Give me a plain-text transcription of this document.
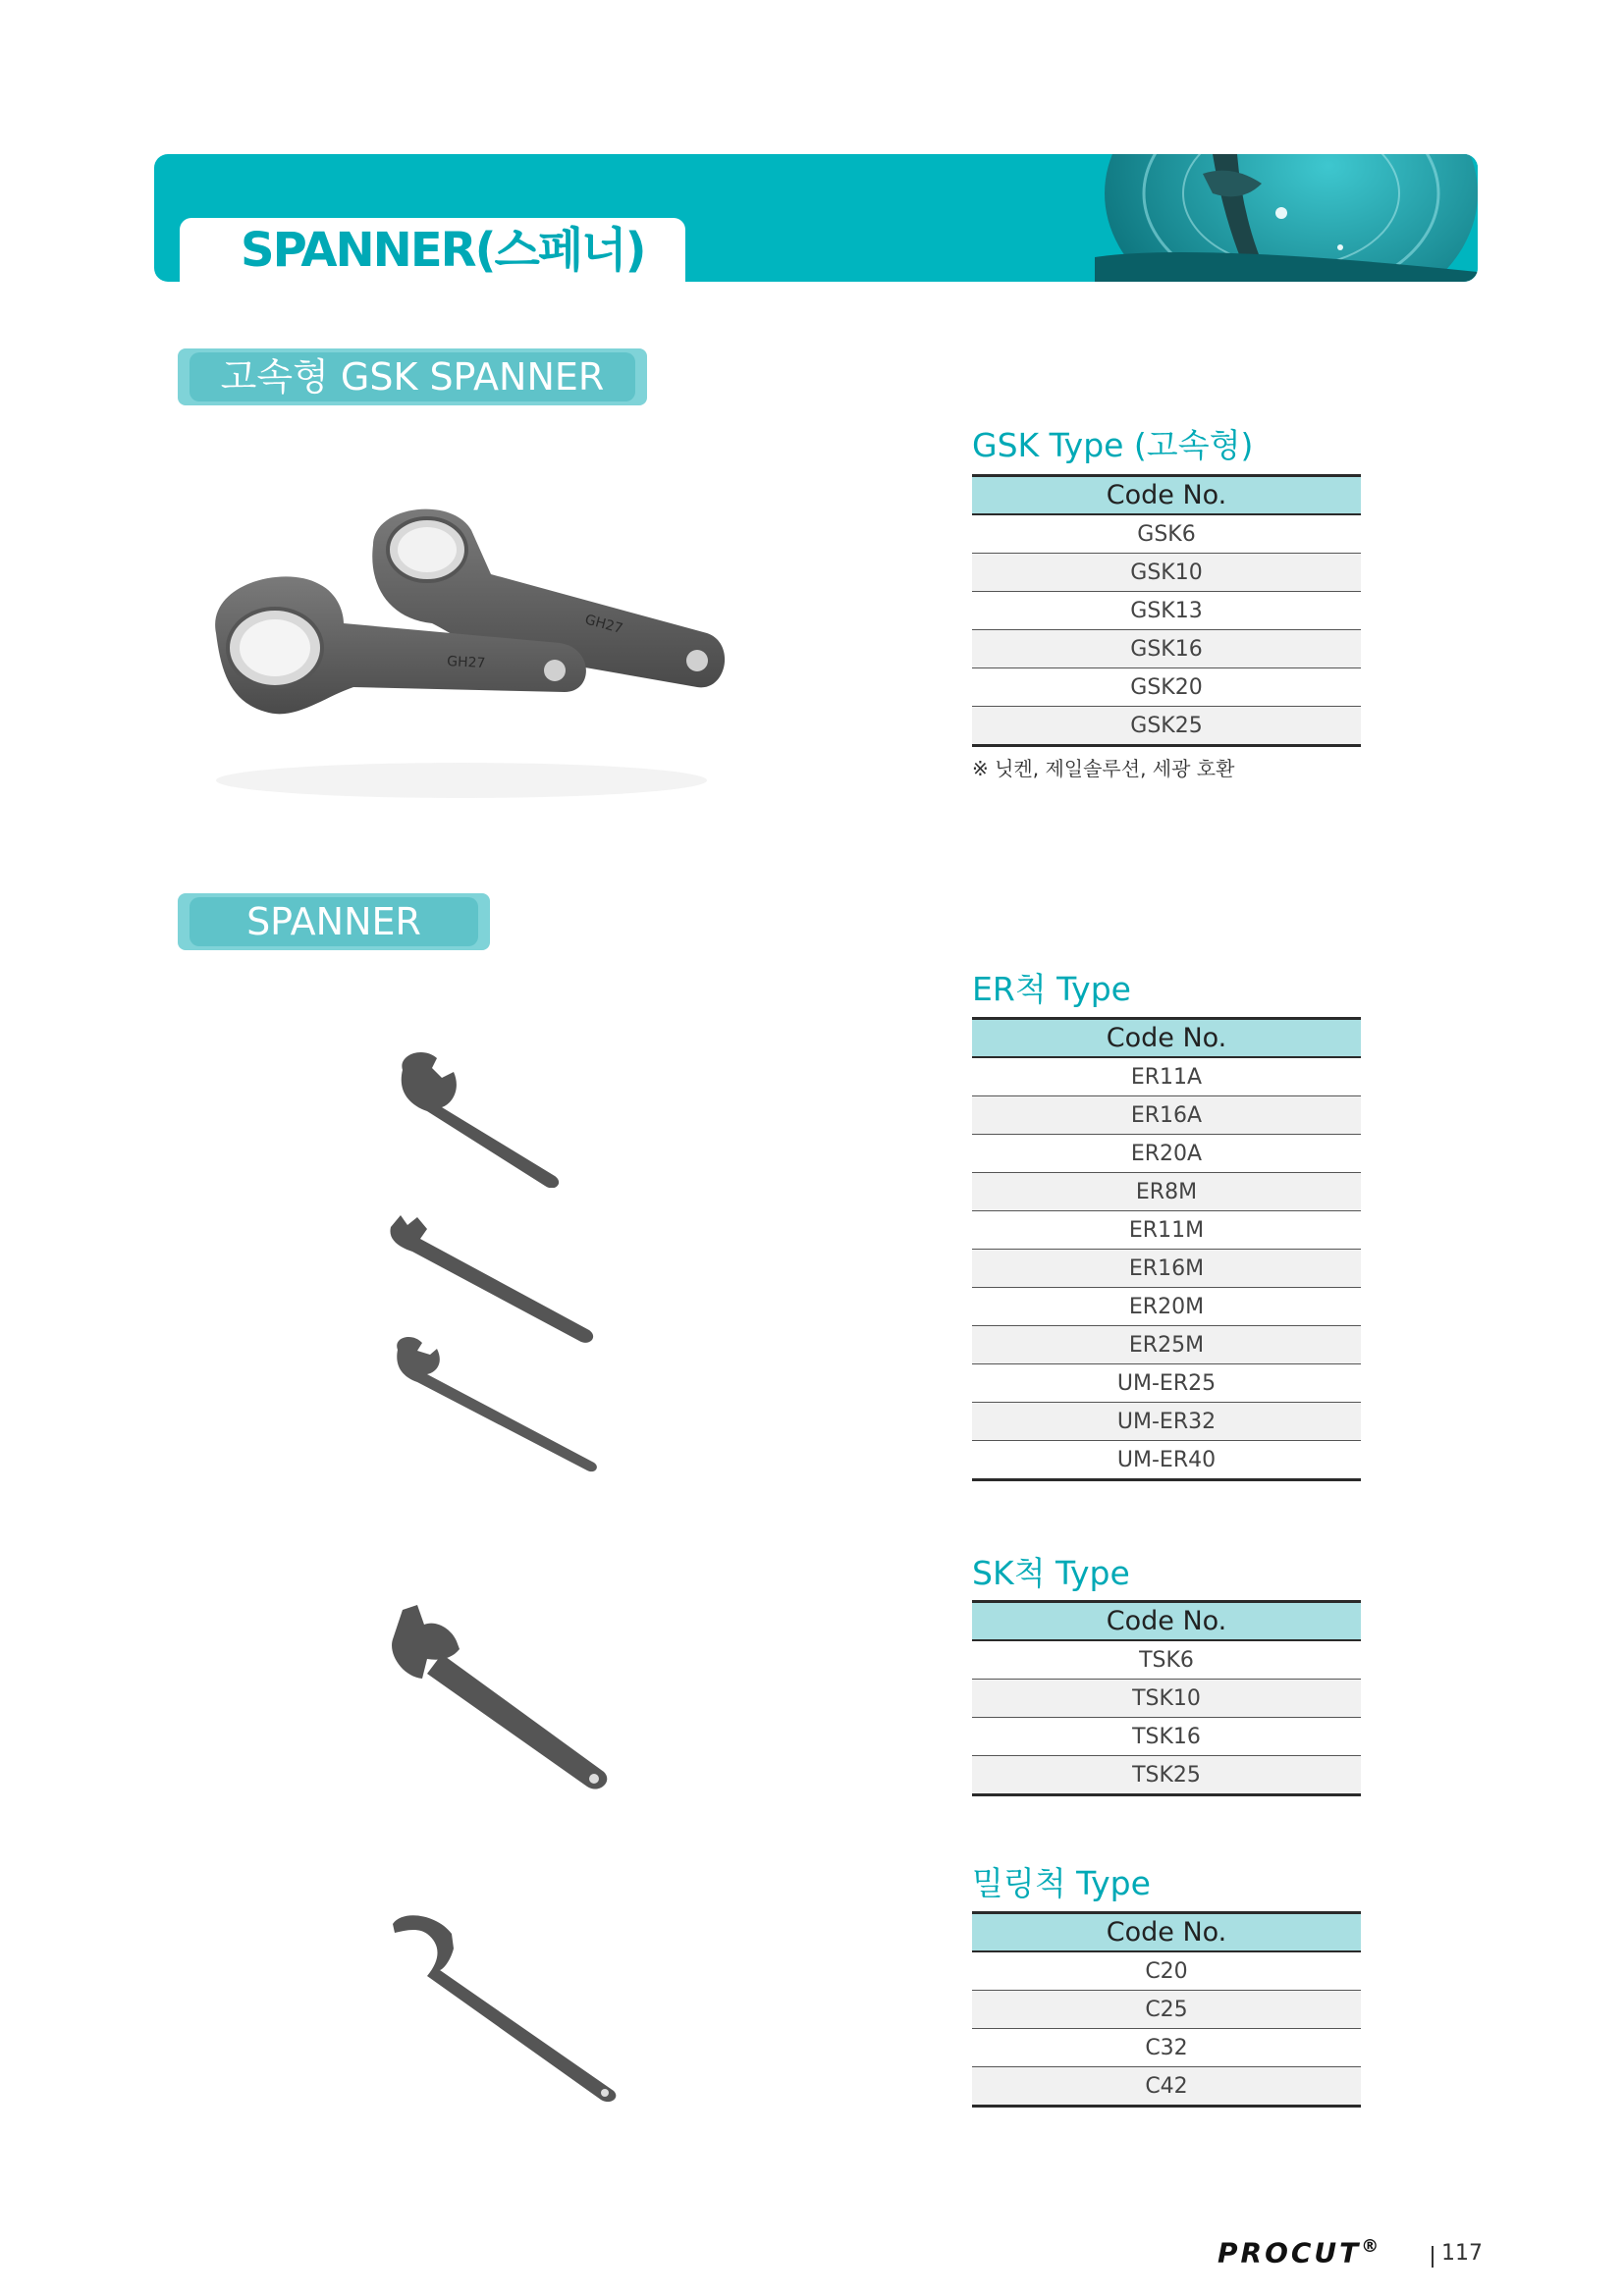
SPANNER(스페너)
고속형 GSK SPANNER
GH27
GH27
GSK Type (고속형)
Code No.
GSK6
GSK10
GSK13
GSK16
GSK20
GSK25
※ 닛켄, 제일솔루션, 세광 호환
SPANNER
ER척 Type
Code No.
ER11A
ER16A
ER20A
ER8M
ER11M
ER16M
ER20M
ER25M
UM-ER25
UM-ER32
UM-ER40
SK척 Type
Code No.
TSK6
TSK10
TSK16
TSK25
밀링척 Type
Code No.
C20
C25
C32
C42
PROCUT®	117
